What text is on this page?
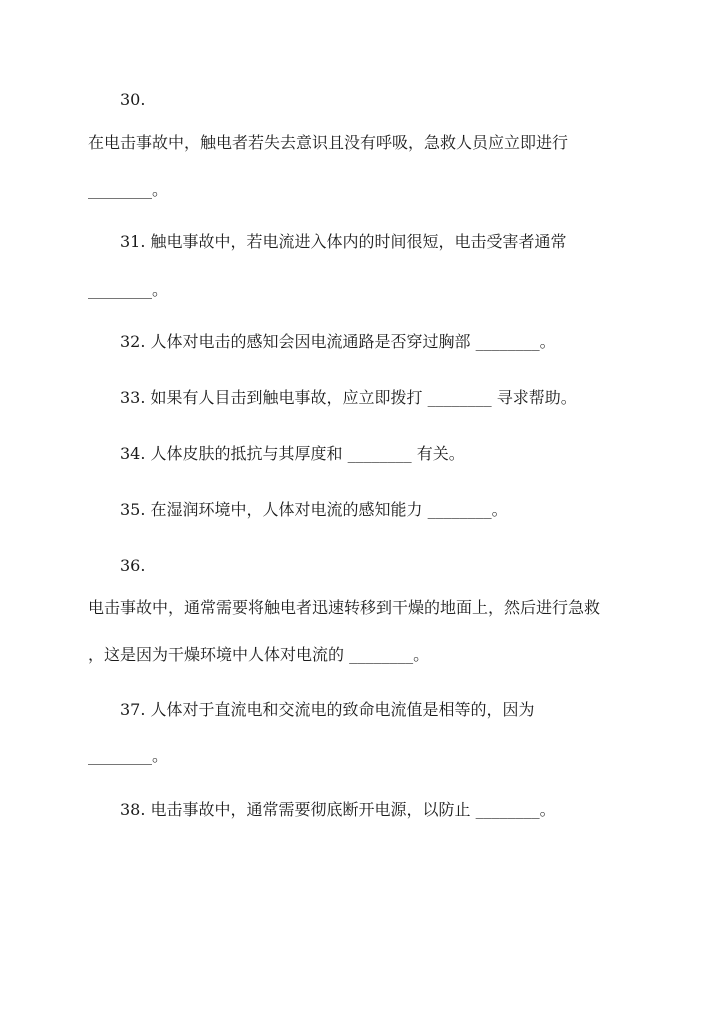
30.
在电击事故中，触电者若失去意识且没有呼吸，急救人员应立即进行
________。
31. 触电事故中，若电流进入体内的时间很短，电击受害者通常
________。
32. 人体对电击的感知会因电流通路是否穿过胸部 ________。
33. 如果有人目击到触电事故，应立即拨打 ________ 寻求帮助。
34. 人体皮肤的抵抗与其厚度和 ________ 有关。
35. 在湿润环境中，人体对电流的感知能力 ________。
36.
电击事故中，通常需要将触电者迅速转移到干燥的地面上，然后进行急救
，这是因为干燥环境中人体对电流的 ________。
37. 人体对于直流电和交流电的致命电流值是相等的，因为
________。
38. 电击事故中，通常需要彻底断开电源，以防止 ________。
